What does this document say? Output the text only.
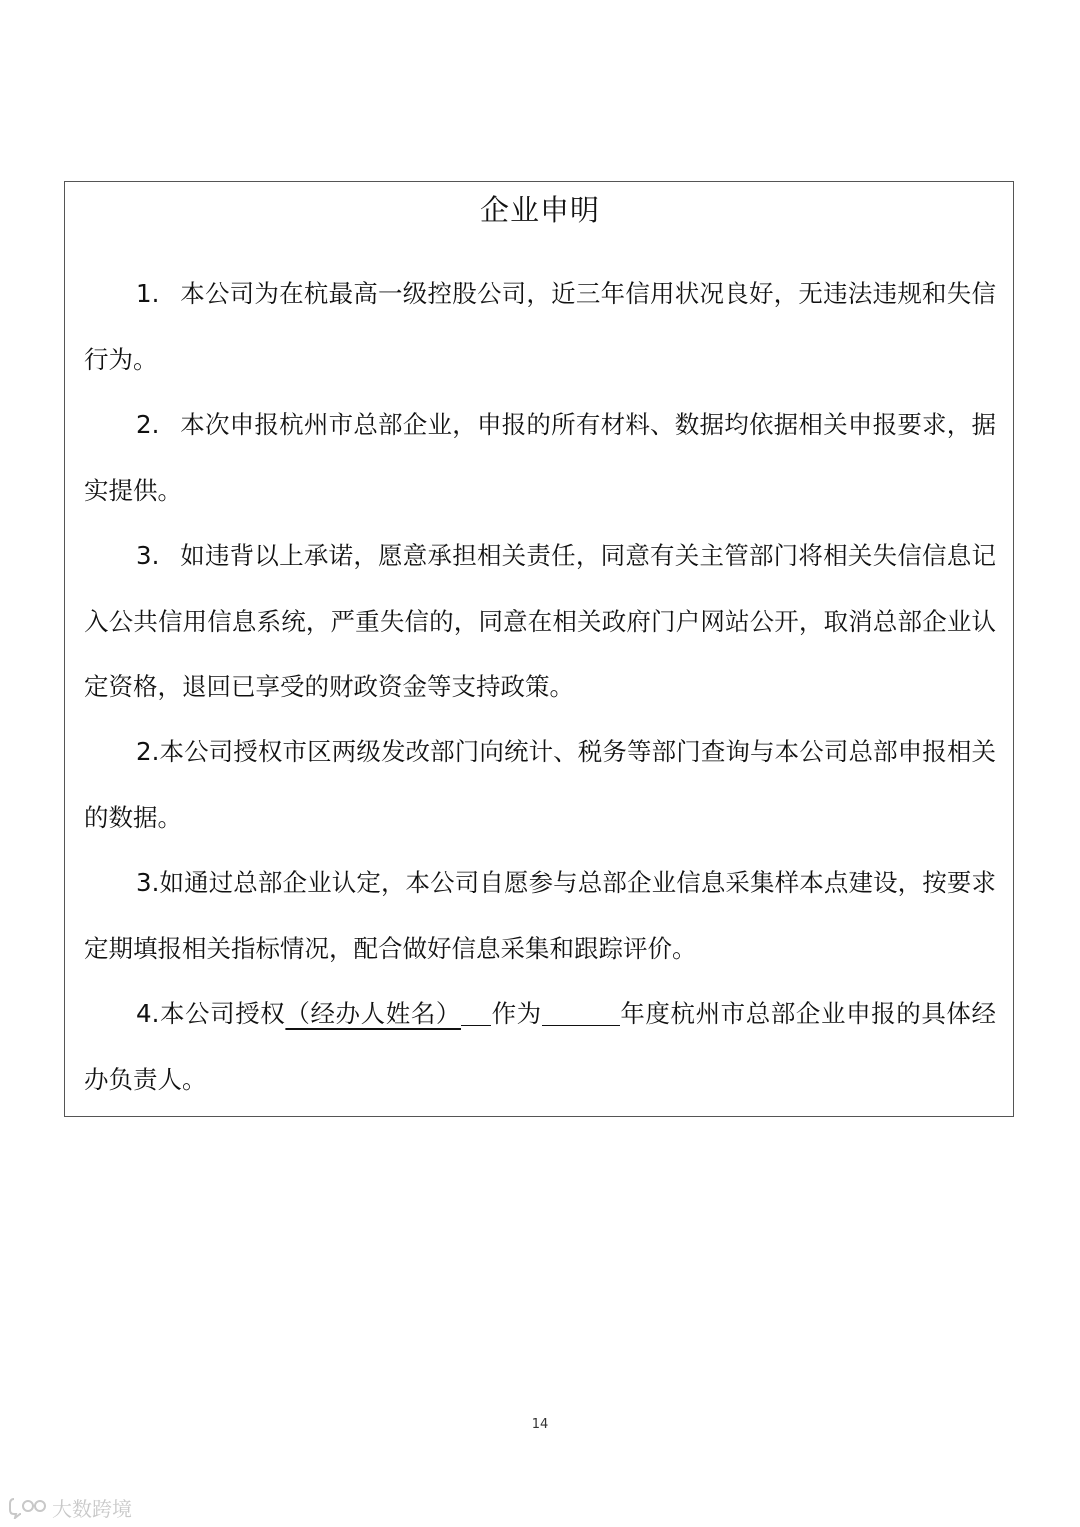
企业申明
1. 本公司为在杭最高一级控股公司，近三年信用状况良好，无违法违规和失信行为。
2. 本次申报杭州市总部企业，申报的所有材料、数据均依据相关申报要求，据实提供。
3. 如违背以上承诺，愿意承担相关责任，同意有关主管部门将相关失信信息记入公共信用信息系统，严重失信的，同意在相关政府门户网站公开，取消总部企业认定资格，退回已享受的财政资金等支持政策。
2.本公司授权市区两级发改部门向统计、税务等部门查询与本公司总部申报相关的数据。
3.如通过总部企业认定，本公司自愿参与总部企业信息采集样本点建设，按要求定期填报相关指标情况，配合做好信息采集和跟踪评价。
4.本公司授权（经办人姓名） 作为	年度杭州市总部企业申报的具体经办负责人。
14
大数跨境
